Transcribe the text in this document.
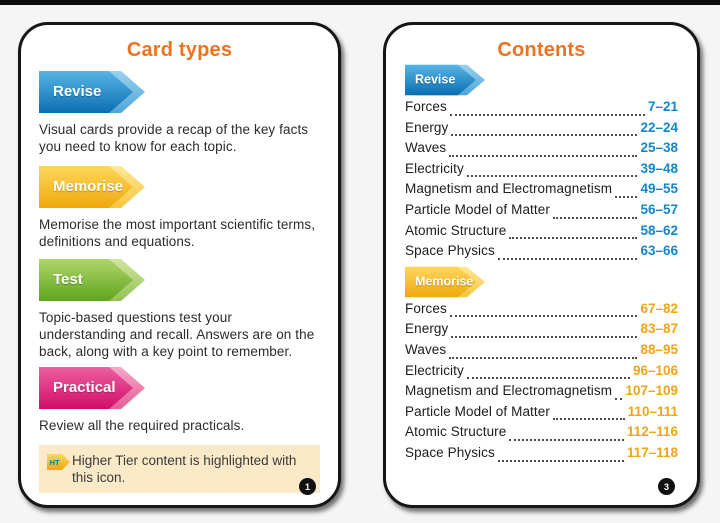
Card types
Revise
Visual cards provide a recap of the key facts you need to know for each topic.
Memorise
Memorise the most important scientific terms, definitions and equations.
Test
Topic-based questions test your understanding and recall. Answers are on the back, along with a key point to remember.
Practical
Review all the required practicals.
HT Higher Tier content is highlighted with this icon.
1
Contents
Revise
Forces	7–21
Energy	22–24
Waves	25–38
Electricity	39–48
Magnetism and Electromagnetism 49–55
Particle Model of Matter	56–57
Atomic Structure	58–62
Space Physics	63–66
Memorise
Forces	67–82
Energy	83–87
Waves	88–95
Electricity	96–106
Magnetism and Electromagnetism 107–109
Particle Model of Matter	110–111
Atomic Structure	112–116
Space Physics	117–118
3
